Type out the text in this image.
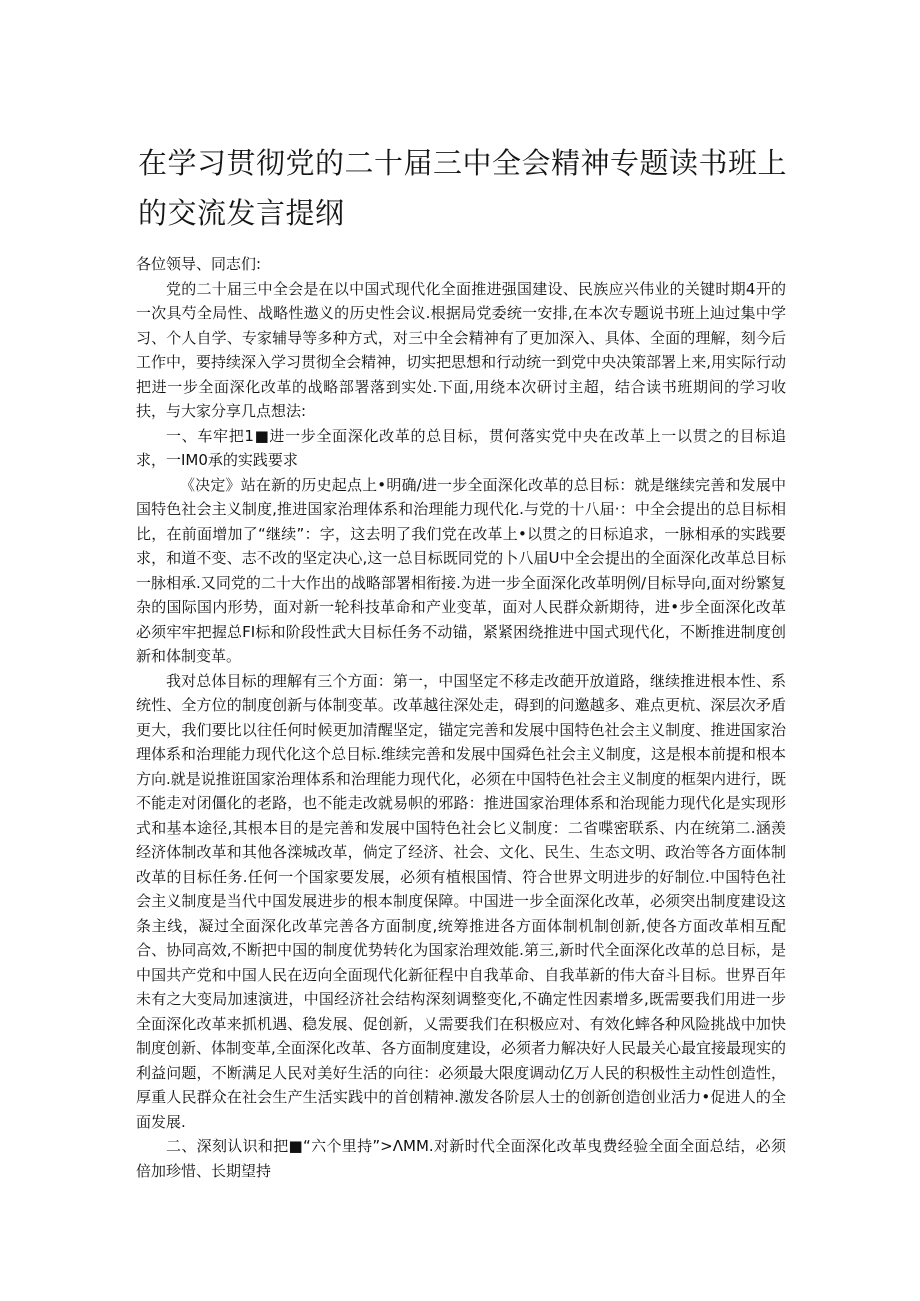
在学习贯彻党的二十届三中全会精神专题读书班上
的交流发言提纲

各位领导、同志们:

党的二十届三中全会是在以中国式现代化全面推进强国建设、民族应兴伟业的关键时期4开的一次具芍全局性、战略性遨义的历史性会议.根据局党委统一安排,在本次专题说书班上辿过集中学习、个人自学、专家辅导等多种方式，对三中全会精神有了更加深入、具体、全面的理解，刻今后工作中，要持续深入学习贯彻全会精神，切实把思想和行动统一到党中央决策部署上来,用实际行动把进一步全面深化改革的战略部署落到实处.下面,用绕本次研讨主超，结合读书班期间的学习收扶，与大家分享几点想法:

一、车牢把1■进一步全面深化改革的总目标，贯何落实党中央在改革上一以贯之的目标追求，一IM0承的实践要求

《决定》站在新的历史起点上•明确/进一步全面深化改革的总目标：就是继续完善和发展中国特色社会主义制度,推进国家治理体系和治理能力现代化.与党的十八届·：中全会提出的总目标相比，在前面增加了“继续”：字，这去明了我们党在改革上•以贯之的日标追求，一脉相承的实践要求，和道不变、志不改的坚定决心,这一总目标既同党的卜八届U中全会提出的全面深化改革总目标一脉相承.又同党的二十大作出的战略部署相衔接.为进一步全面深化改革明例/目标导向,面对纷繁复杂的国际国内形势，面对新一轮科技革命和产业变革，面对人民群众新期待，进•步全面深化改革必须牢牢把握总FI标和阶段性武大目标任务不动锚，紧紧困绕推进中国式现代化，不断推进制度创新和体制变革。

我对总体目标的理解有三个方面：第一，中国坚定不移走改葩开放道路，继续推进根本性、系统性、全方位的制度创新与体制变革。改革越往深处走，碍到的问邀越多、难点更杭、深层次矛盾更大，我们要比以往任何时候更加清醒坚定，锚定完善和发展中国特色社会主义制度、推进国家治理体系和治理能力现代化这个总目标.维续完善和发展中国舜色社会主义制度，这是根本前提和根本方向.就是说推诳国家治理体系和治理能力现代化，必须在中国特色社会主义制度的框架内进行，既不能走对闭僵化的老路，也不能走改就易帜的邪路：推进国家治理体系和治现能力现代化是实现形式和基本途径,其根本目的是完善和发展中国特色社会匕义制度：二省喋密联系、内在统第二.涵羡经济体制改革和其他各滦城改革，倘定了经济、社会、文化、民生、生态文明、政治等各方面体制改革的目标任务.任何一个国家要发展，必须有植根国情、符合世界文明进步的好制位.中国特色社会主义制度是当代中国发展进步的根本制度保障。中国进一步全面深化改革，必须突出制度建设这条主线，凝过全面深化改革完善各方面制度,统筹推进各方面体制机制创新,使各方面改革相互配合、协同高效,不断把中国的制度优势转化为国家治理效能.第三,新时代全面深化改革的总目标，是中国共产党和中国人民在迈向全面现代化新征程中自我革命、自我革新的伟大奋斗目标。世界百年未有之大变局加速演进，中国经济社会结构深刻调整变化,不确定性因素增多,既需要我们用进一步全面深化改革来抓机遇、稳发展、促创新，乂需要我们在积极应对、有效化蟀各种风险挑战中加快制度创新、体制变革,全面深化改革、各方面制度建设，必须者力解决好人民最关心最宜接最现实的利益问题，不断满足人民对美好生活的向往：必须最大限度调动亿万人民的积极性主动性创造性，厚重人民群众在社会生产生活实践中的首创精神.激发各阶层人士的创新创造创业活力•促进人的全面发展.

二、深刻认识和把■“六个里持”>ΛMM.对新时代全面深化改革曳费经验全面全面总结，必须倍加珍惜、长期望持
